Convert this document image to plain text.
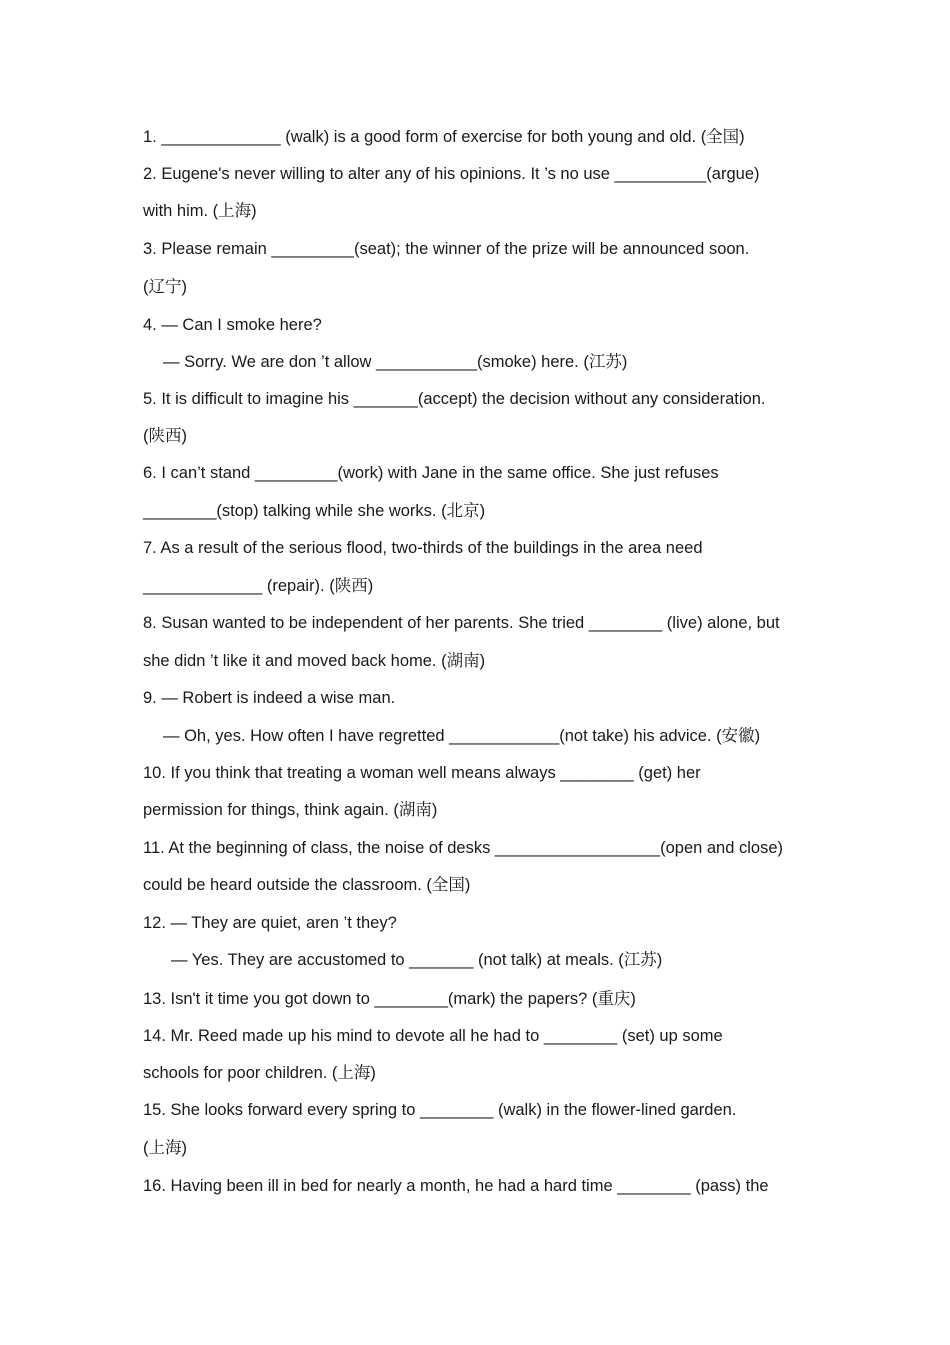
1. _____________ (walk) is a good form of exercise for both young and old. (全国)
2. Eugene's never willing to alter any of his opinions. It ’s no use __________(argue)
with him. (上海)
3. Please remain _________(seat); the winner of the prize will be announced soon.
(辽宁)
4. — Can I smoke here?
— Sorry. We are don ’t allow ___________(smoke) here. (江苏)
5. It is difficult to imagine his _______(accept) the decision without any consideration.
(陕西)
6. I can’t stand _________(work) with Jane in the same office. She just refuses
________(stop) talking while she works. (北京)
7. As a result of the serious flood, two-thirds of the buildings in the area need
_____________ (repair). (陕西)
8. Susan wanted to be independent of her parents. She tried ________ (live) alone, but
she didn ’t like it and moved back home. (湖南)
9. — Robert is indeed a wise man.
— Oh, yes. How often I have regretted ____________(not take) his advice. (安徽)
10. If you think that treating a woman well means always ________ (get) her
permission for things, think again. (湖南)
11. At the beginning of class, the noise of desks __________________(open and close)
could be heard outside the classroom. (全国)
12. — They are quiet, aren ’t they?
— Yes. They are accustomed to _______ (not talk) at meals. (江苏)
13. Isn't it time you got down to ________(mark) the papers? (重庆)
14. Mr. Reed made up his mind to devote all he had to ________ (set) up some
schools for poor children. (上海)
15. She looks forward every spring to ________ (walk) in the flower-lined garden.
(上海)
16. Having been ill in bed for nearly a month, he had a hard time ________ (pass) the
